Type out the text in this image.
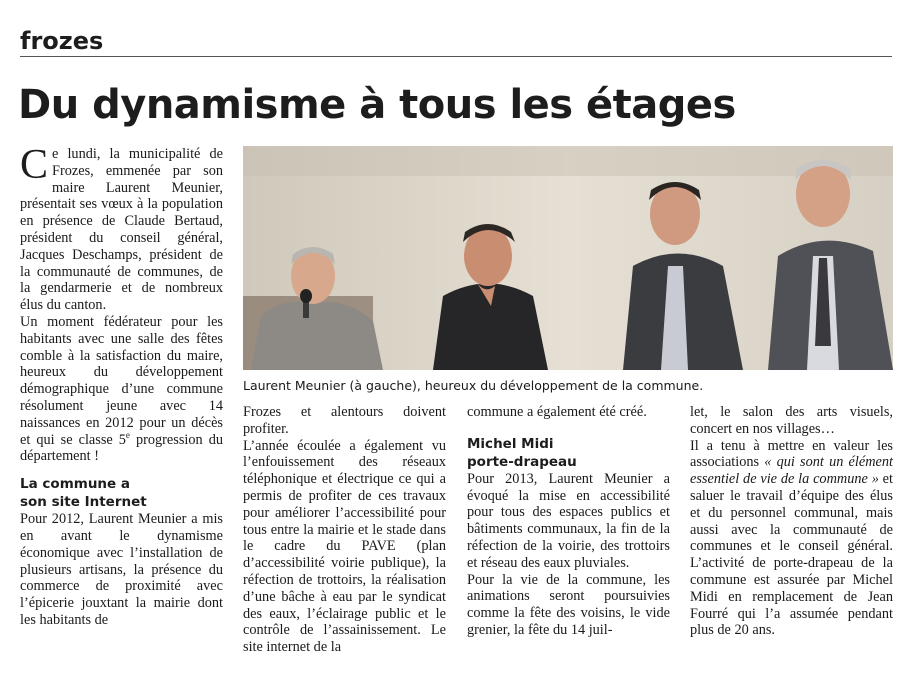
frozes
Du dynamisme à tous les étages

Ce lundi, la municipalité de Frozes, emmenée par son maire Laurent Meunier, présentait ses vœux à la population en présence de Claude Bertaud, président du conseil général, Jacques Deschamps, président de la communauté de communes, de la gendarmerie et de nombreux élus du canton.

Un moment fédérateur pour les habitants avec une salle des fêtes comble à la satisfaction du maire, heureux du développement démographique d’une commune résolument jeune avec 14 naissances en 2012 pour un décès et qui se classe 5e progression du département !

La commune a son site Internet

Pour 2012, Laurent Meunier a mis en avant le dynamisme économique avec l’installation de plusieurs artisans, la présence du commerce de proximité avec l’épicerie jouxtant la mairie dont les habitants de

Laurent Meunier (à gauche), heureux du développement de la commune.

Frozes et alentours doivent profiter.

L’année écoulée a également vu l’enfouissement des réseaux téléphonique et électrique ce qui a permis de profiter de ces travaux pour améliorer l’accessibilité pour tous entre la mairie et le stade dans le cadre du PAVE (plan d’accessibilité voirie publique), la réfection de trottoirs, la réalisation d’une bâche à eau par le syndicat des eaux, l’éclairage public et le contrôle de l’assainissement. Le site internet de la

commune a également été créé.

Michel Midi porte-drapeau

Pour 2013, Laurent Meunier a évoqué la mise en accessibilité pour tous des espaces publics et bâtiments communaux, la fin de la réfection de la voirie, des trottoirs et réseau des eaux pluviales.

Pour la vie de la commune, les animations seront poursuivies comme la fête des voisins, le vide grenier, la fête du 14 juil-

let, le salon des arts visuels, concert en nos villages…

Il a tenu à mettre en valeur les associations « qui sont un élément essentiel de vie de la commune » et saluer le travail d’équipe des élus et du personnel communal, mais aussi avec la communauté de communes et le conseil général. L’activité de porte-drapeau de la commune est assurée par Michel Midi en remplacement de Jean Fourré qui l’a assumée pendant plus de 20 ans.
